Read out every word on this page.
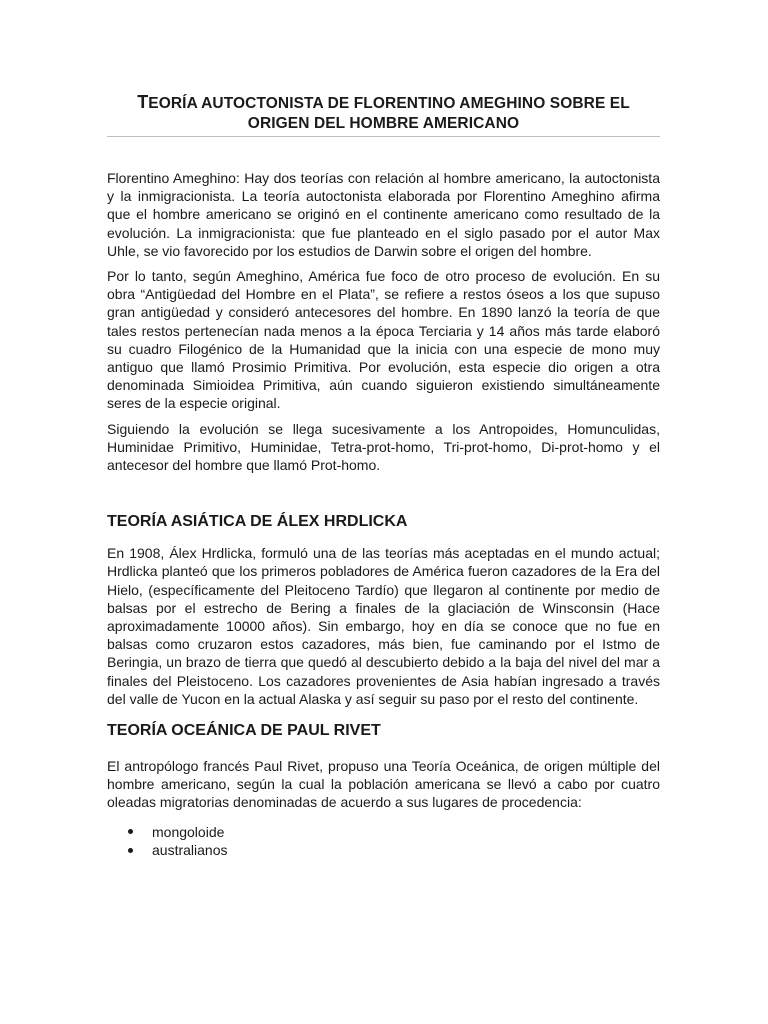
TEORÍA AUTOCTONISTA DE FLORENTINO AMEGHINO SOBRE EL ORIGEN DEL HOMBRE AMERICANO

Florentino Ameghino: Hay dos teorías con relación al hombre americano, la autoctonista y la inmigracionista. La teoría autoctonista elaborada por Florentino Ameghino afirma que el hombre americano se originó en el continente americano como resultado de la evolución. La inmigracionista: que fue planteado en el siglo pasado por el autor Max Uhle, se vio favorecido por los estudios de Darwin sobre el origen del hombre.

Por lo tanto, según Ameghino, América fue foco de otro proceso de evolución. En su obra “Antigüedad del Hombre en el Plata”, se refiere a restos óseos a los que supuso gran antigüedad y consideró antecesores del hombre. En 1890 lanzó la teoría de que tales restos pertenecían nada menos a la época Terciaria y 14 años más tarde elaboró su cuadro Filogénico de la Humanidad que la inicia con una especie de mono muy antiguo que llamó Prosimio Primitiva. Por evolución, esta especie dio origen a otra denominada Simioidea Primitiva, aún cuando siguieron existiendo simultáneamente seres de la especie original.

Siguiendo la evolución se llega sucesivamente a los Antropoides, Homunculidas, Huminidae Primitivo, Huminidae, Tetra-prot-homo, Tri-prot-homo, Di-prot-homo y el antecesor del hombre que llamó Prot-homo.

TEORÍA ASIÁTICA DE ÁLEX HRDLICKA

En 1908, Álex Hrdlicka, formuló una de las teorías más aceptadas en el mundo actual; Hrdlicka planteó que los primeros pobladores de América fueron cazadores de la Era del Hielo, (específicamente del Pleitoceno Tardío) que llegaron al continente por medio de balsas por el estrecho de Bering a finales de la glaciación de Winsconsin (Hace aproximadamente 10000 años). Sin embargo, hoy en día se conoce que no fue en balsas como cruzaron estos cazadores, más bien, fue caminando por el Istmo de Beringia, un brazo de tierra que quedó al descubierto debido a la baja del nivel del mar a finales del Pleistoceno. Los cazadores provenientes de Asia habían ingresado a través del valle de Yucon en la actual Alaska y así seguir su paso por el resto del continente.

TEORÍA OCEÁNICA DE PAUL RIVET

El antropólogo francés Paul Rivet, propuso una Teoría Oceánica, de origen múltiple del hombre americano, según la cual la población americana se llevó a cabo por cuatro oleadas migratorias denominadas de acuerdo a sus lugares de procedencia:

mongoloide
australianos
